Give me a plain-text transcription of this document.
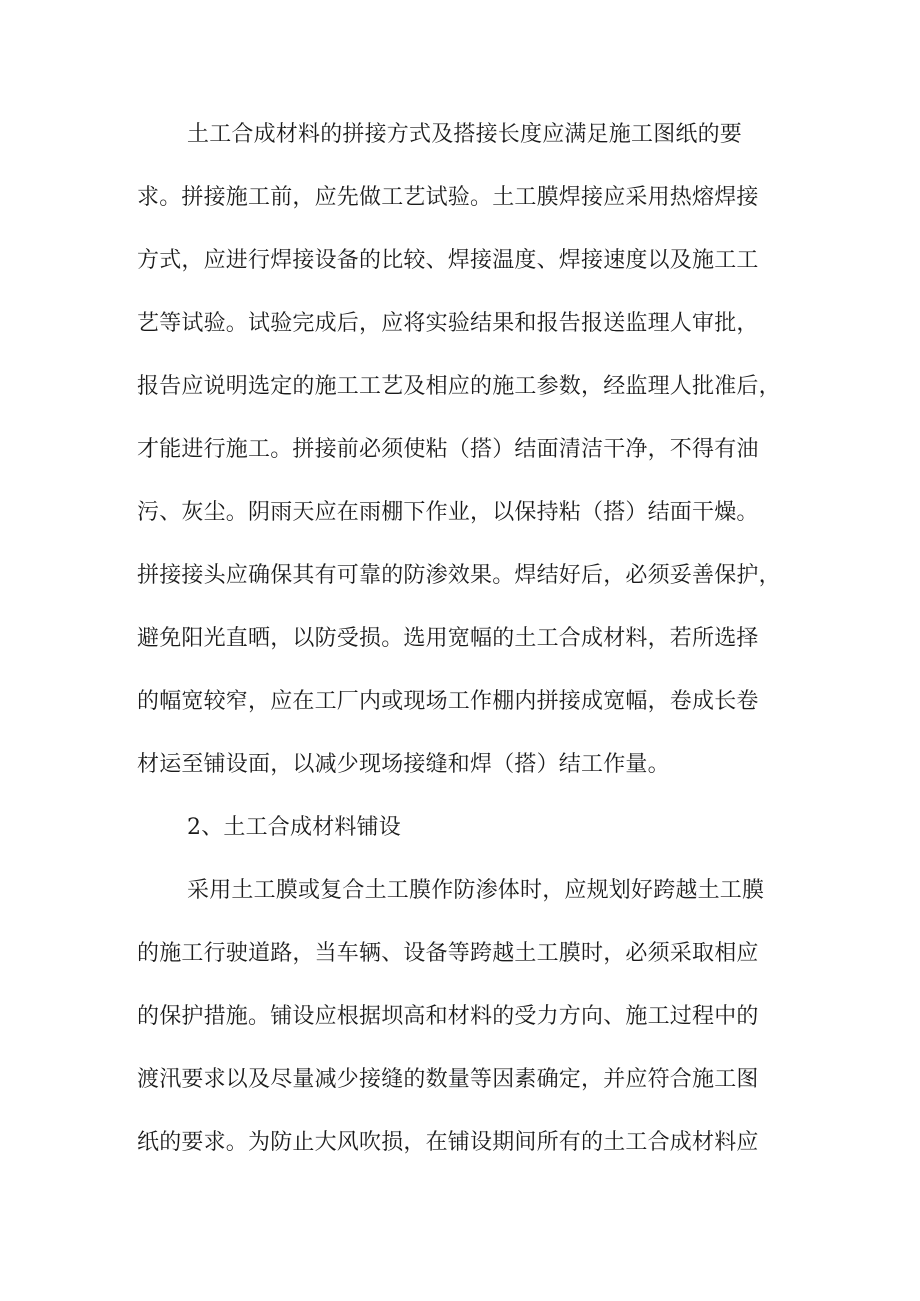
土工合成材料的拼接方式及搭接长度应满足施工图纸的要
求。拼接施工前，应先做工艺试验。土工膜焊接应采用热熔焊接
方式，应进行焊接设备的比较、焊接温度、焊接速度以及施工工
艺等试验。试验完成后，应将实验结果和报告报送监理人审批，
报告应说明选定的施工工艺及相应的施工参数，经监理人批准后，
才能进行施工。拼接前必须使粘（搭）结面清洁干净，不得有油
污、灰尘。阴雨天应在雨棚下作业，以保持粘（搭）结面干燥。
拼接接头应确保其有可靠的防渗效果。焊结好后，必须妥善保护，
避免阳光直晒，以防受损。选用宽幅的土工合成材料，若所选择
的幅宽较窄，应在工厂内或现场工作棚内拼接成宽幅，卷成长卷
材运至铺设面，以减少现场接缝和焊（搭）结工作量。
2、土工合成材料铺设
采用土工膜或复合土工膜作防渗体时，应规划好跨越土工膜
的施工行驶道路，当车辆、设备等跨越土工膜时，必须采取相应
的保护措施。铺设应根据坝高和材料的受力方向、施工过程中的
渡汛要求以及尽量减少接缝的数量等因素确定，并应符合施工图
纸的要求。为防止大风吹损，在铺设期间所有的土工合成材料应
